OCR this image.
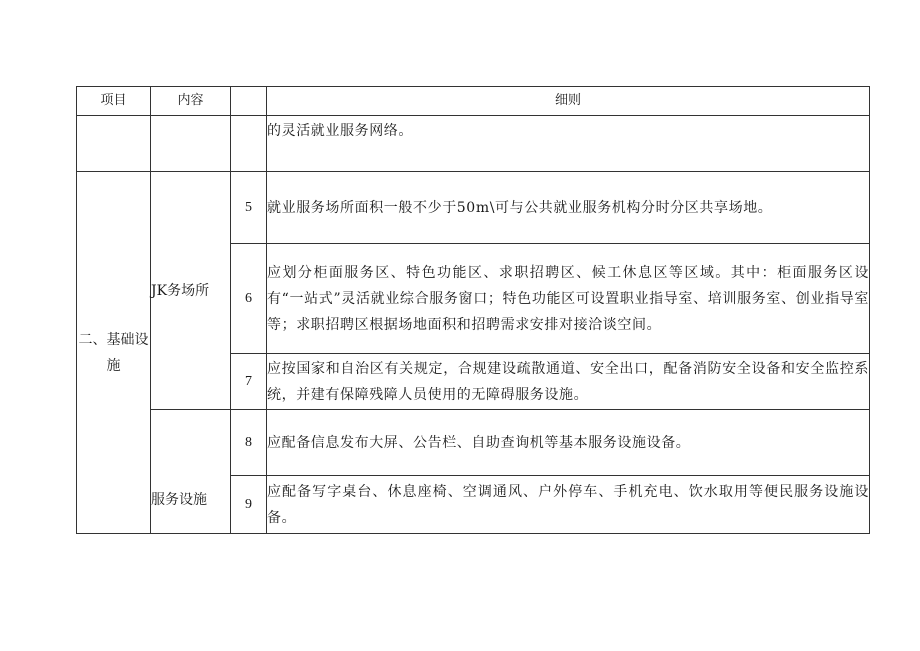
项目	内容		细则
			的灵活就业服务网络。
二、基础设施	JK务场所	5	就业服务场所面积一般不少于50m\可与公共就业服务机构分时分区共享场地。
		6	应划分柜面服务区、特色功能区、求职招聘区、候工休息区等区域。其中：柜面服务区设有“一站式”灵活就业综合服务窗口；特色功能区可设置职业指导室、培训服务室、创业指导室等；求职招聘区根据场地面积和招聘需求安排对接洽谈空间。
		7	应按国家和自治区有关规定，合规建设疏散通道、安全出口，配备消防安全设备和安全监控系统，并建有保障残障人员使用的无障碍服务设施。
	服务设施	8	应配备信息发布大屏、公告栏、自助查询机等基本服务设施设备。
		9	应配备写字桌台、休息座椅、空调通风、户外停车、手机充电、饮水取用等便民服务设施设备。
